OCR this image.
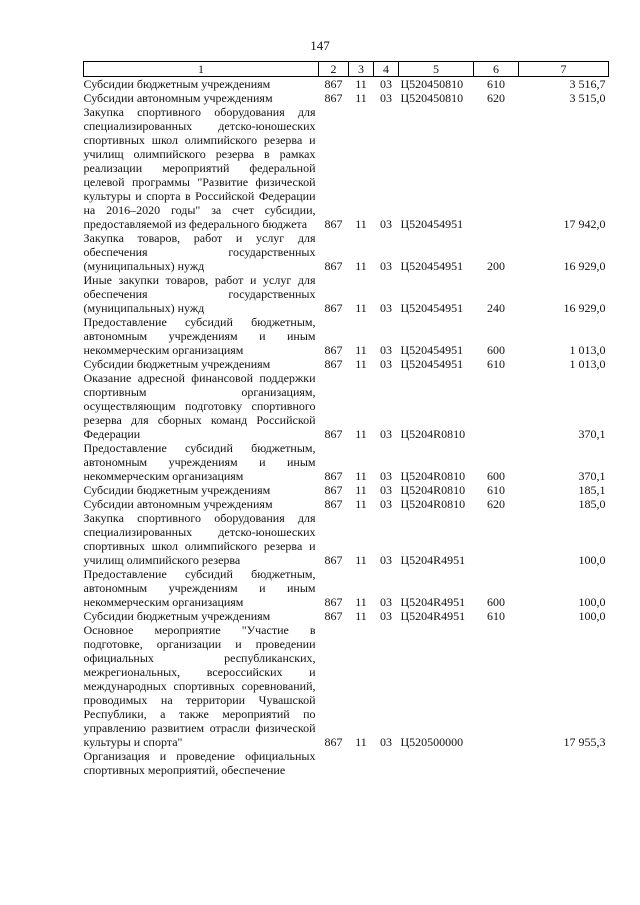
147
1	2	3	4	5	6	7
Субсидии бюджетным учреждениям	867	11	03	Ц520450810	610	3 516,7
Субсидии автономным учреждениям	867	11	03	Ц520450810	620	3 515,0
Закупка спортивного оборудования для специализированных детско-юношеских спортивных школ олимпийского резерва и училищ олимпийского резерва в рамках реализации мероприятий федеральной целевой программы "Развитие физической культуры и спорта в Российской Федерации на 2016–2020 годы" за счет субсидии, предоставляемой из федерального бюджета	867	11	03	Ц520454951		17 942,0
Закупка товаров, работ и услуг для обеспечения государственных (муниципальных) нужд	867	11	03	Ц520454951	200	16 929,0
Иные закупки товаров, работ и услуг для обеспечения государственных (муниципальных) нужд	867	11	03	Ц520454951	240	16 929,0
Предоставление субсидий бюджетным, автономным учреждениям и иным некоммерческим организациям	867	11	03	Ц520454951	600	1 013,0
Субсидии бюджетным учреждениям	867	11	03	Ц520454951	610	1 013,0
Оказание адресной финансовой поддержки спортивным организациям, осуществляющим подготовку спортивного резерва для сборных команд Российской Федерации	867	11	03	Ц5204R0810		370,1
Предоставление субсидий бюджетным, автономным учреждениям и иным некоммерческим организациям	867	11	03	Ц5204R0810	600	370,1
Субсидии бюджетным учреждениям	867	11	03	Ц5204R0810	610	185,1
Субсидии автономным учреждениям	867	11	03	Ц5204R0810	620	185,0
Закупка спортивного оборудования для специализированных детско-юношеских спортивных школ олимпийского резерва и училищ олимпийского резерва	867	11	03	Ц5204R4951		100,0
Предоставление субсидий бюджетным, автономным учреждениям и иным некоммерческим организациям	867	11	03	Ц5204R4951	600	100,0
Субсидии бюджетным учреждениям	867	11	03	Ц5204R4951	610	100,0
Основное мероприятие "Участие в подготовке, организации и проведении официальных республиканских, межрегиональных, всероссийских и международных спортивных соревнований, проводимых на территории Чувашской Республики, а также мероприятий по управлению развитием отрасли физической культуры и спорта"	867	11	03	Ц520500000		17 955,3
Организация и проведение официальных спортивных мероприятий, обеспечение						
